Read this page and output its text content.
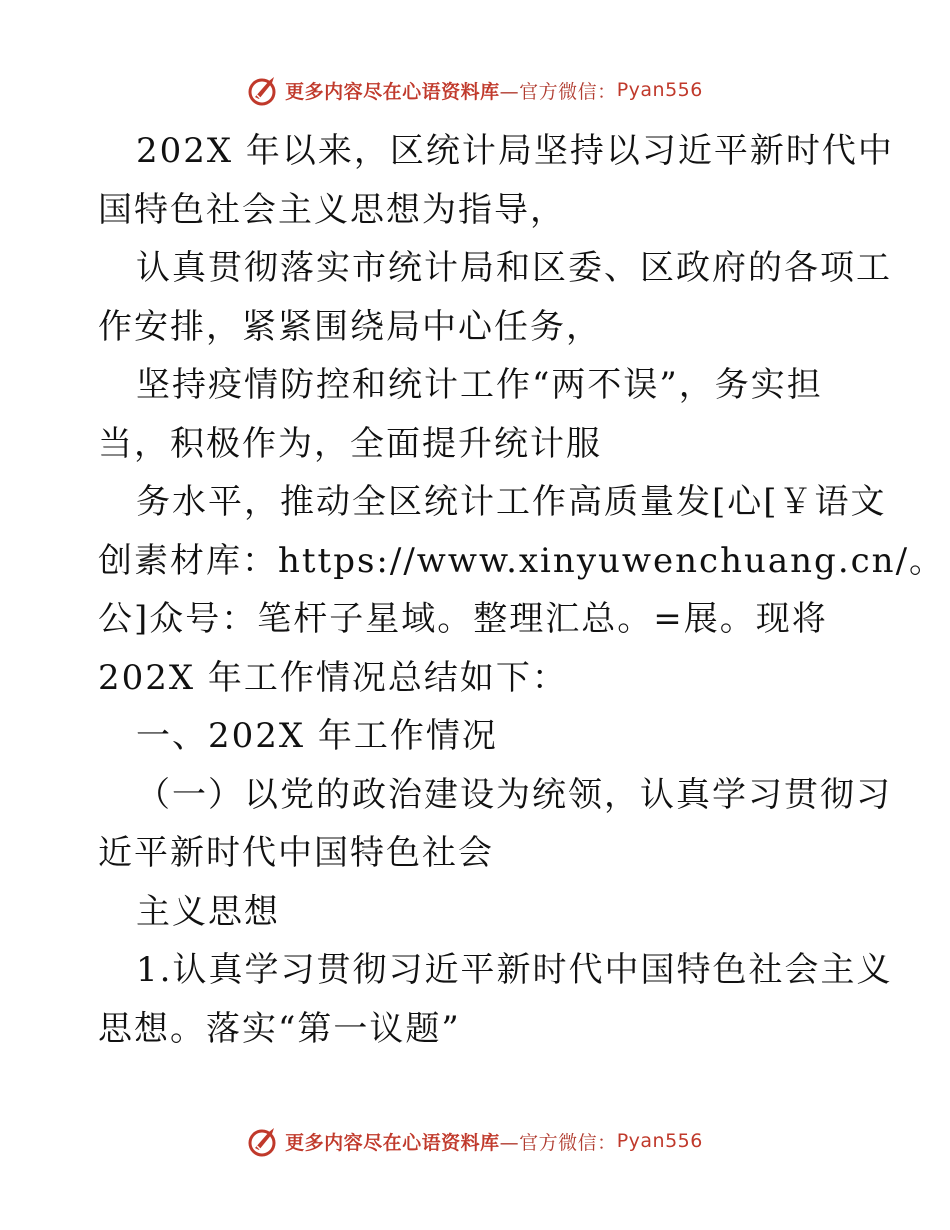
更多内容尽在心语资料库 —官方微信： Pyan556
202X 年以来，区统计局坚持以习近平新时代中
国特色社会主义思想为指导，
认真贯彻落实市统计局和区委、区政府的各项工
作安排，紧紧围绕局中心任务，
坚持疫情防控和统计工作“两不误”，务实担
当，积极作为，全面提升统计服
务水平，推动全区统计工作高质量发[心[￥语文
创素材库：https://www.xinyuwenchuang.cn/。
公]众号：笔杆子星域。整理汇总。=展。现将
202X 年工作情况总结如下：
一、202X 年工作情况
（一）以党的政治建设为统领，认真学习贯彻习
近平新时代中国特色社会
主义思想
1.认真学习贯彻习近平新时代中国特色社会主义
思想。落实“第一议题”
更多内容尽在心语资料库 —官方微信： Pyan556
